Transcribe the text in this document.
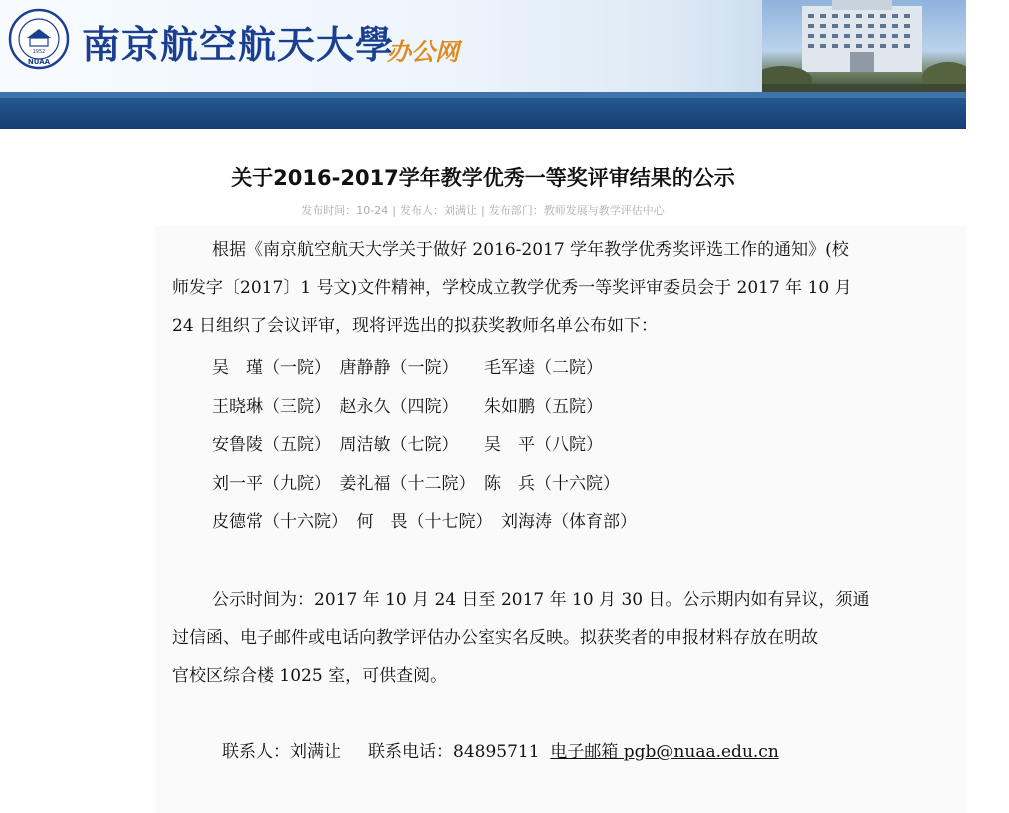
1952
NUAA 南京航空航天大學
办公网
关于2016-2017学年教学优秀一等奖评审结果的公示
发布时间：10-24 | 发布人：刘满让 | 发布部门：教师发展与教学评估中心
根据《南京航空航天大学关于做好 2016-2017 学年教学优秀奖评选工作的通知》(校
师发字〔2017〕1 号文)文件精神，学校成立教学优秀一等奖评审委员会于 2017 年 10 月
24 日组织了会议评审，现将评选出的拟获奖教师名单公布如下：
吴　瑾（一院）　唐静静（一院）　　毛军逵（二院）
王晓琳（三院）　赵永久（四院）　　朱如鹏（五院）
安鲁陵（五院）　周洁敏（七院）　　吴　平（八院）
刘一平（九院）　姜礼福（十二院）　陈　兵（十六院）
皮德常（十六院）　何　畏（十七院）　刘海涛（体育部）
公示时间为：2017 年 10 月 24 日至 2017 年 10 月 30 日。公示期内如有异议，须通
过信函、电子邮件或电话向教学评估办公室实名反映。拟获奖者的申报材料存放在明故
官校区综合楼 1025 室，可供查阅。
联系人：刘满让 联系电话：84895711 电子邮箱 pgb@nuaa.edu.cn
